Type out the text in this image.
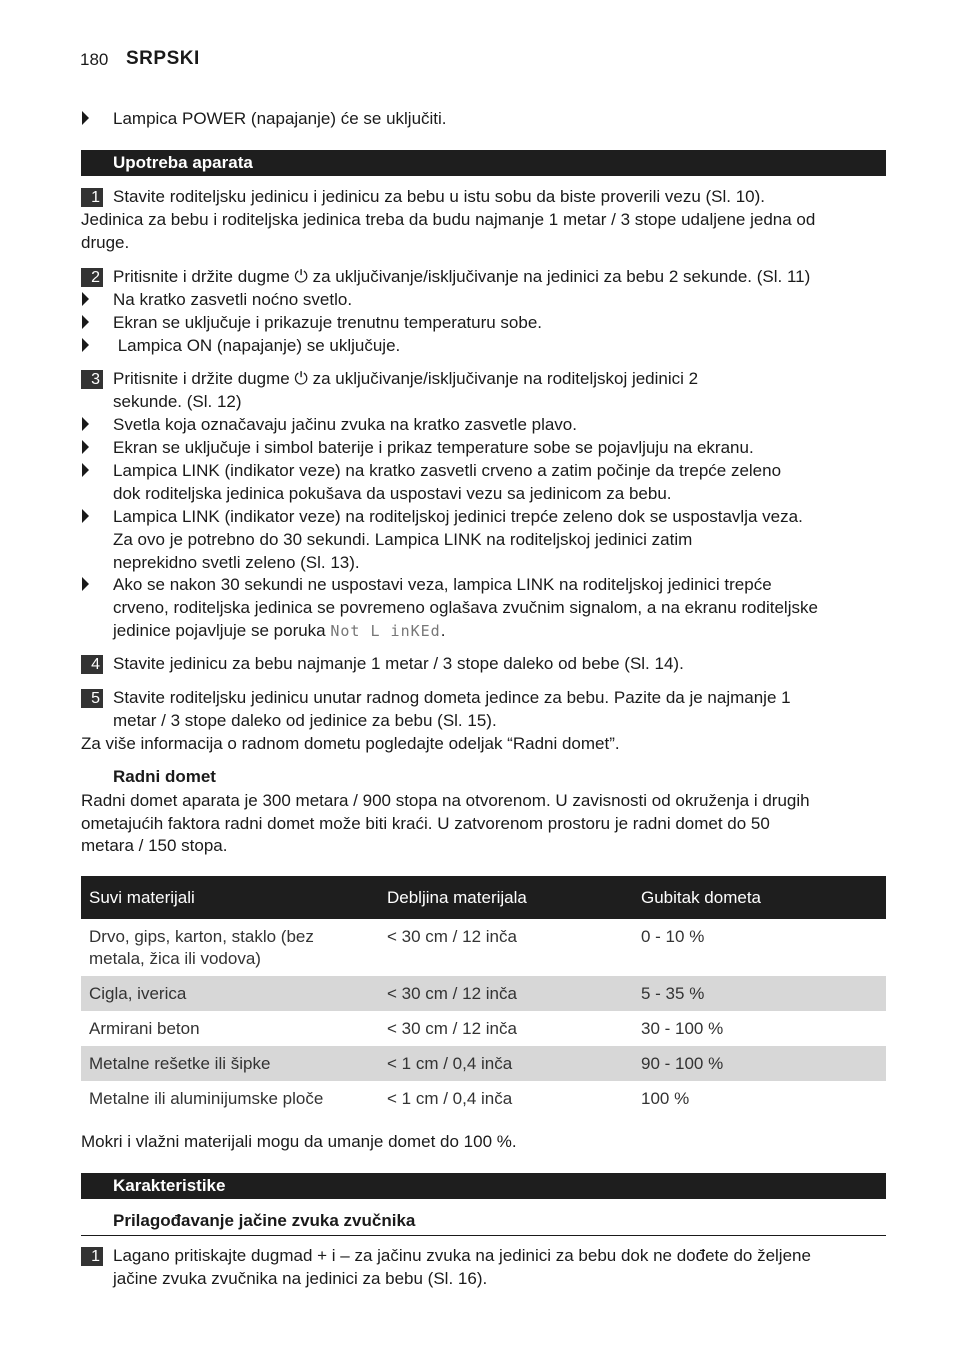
180 SRPSKI
Lampica POWER (napajanje) će se uključiti.
Upotreba aparata
1 Stavite roditeljsku jedinicu i jedinicu za bebu u istu sobu da biste proverili vezu (Sl. 10).
Jedinica za bebu i roditeljska jedinica treba da budu najmanje 1 metar / 3 stope udaljene jedna od
druge.
2 Pritisnite i držite dugme ⏻ za uključivanje/isključivanje na jedinici za bebu 2 sekunde. (Sl. 11)
Na kratko zasvetli noćno svetlo.
Ekran se uključuje i prikazuje trenutnu temperaturu sobe.
Lampica ON (napajanje) se uključuje.
3 Pritisnite i držite dugme ⏻ za uključivanje/isključivanje na roditeljskoj jedinici 2
sekunde. (Sl. 12)
Svetla koja označavaju jačinu zvuka na kratko zasvetle plavo.
Ekran se uključuje i simbol baterije i prikaz temperature sobe se pojavljuju na ekranu.
Lampica LINK (indikator veze) na kratko zasvetli crveno a zatim počinje da trepće zeleno
dok roditeljska jedinica pokušava da uspostavi vezu sa jedinicom za bebu.
Lampica LINK (indikator veze) na roditeljskoj jedinici trepće zeleno dok se uspostavlja veza.
Za ovo je potrebno do 30 sekundi. Lampica LINK na roditeljskoj jedinici zatim
neprekidno svetli zeleno (Sl. 13).
Ako se nakon 30 sekundi ne uspostavi veza, lampica LINK na roditeljskoj jedinici trepće
crveno, roditeljska jedinica se povremeno oglašava zvučnim signalom, a na ekranu roditeljske
jedinice pojavljuje se poruka Not L inKEd.
4 Stavite jedinicu za bebu najmanje 1 metar / 3 stope daleko od bebe (Sl. 14).
5 Stavite roditeljsku jedinicu unutar radnog dometa jedince za bebu. Pazite da je najmanje 1
metar / 3 stope daleko od jedinice za bebu (Sl. 15).
Za više informacija o radnom dometu pogledajte odeljak “Radni domet”.
Radni domet
Radni domet aparata je 300 metara / 900 stopa na otvorenom. U zavisnosti od okruženja i drugih
ometajućih faktora radni domet može biti kraći. U zatvorenom prostoru je radni domet do 50
metara / 150 stopa.
Suvi materijali	Debljina materijala	Gubitak dometa

Drvo, gips, karton, staklo (bez
metala, žica ili vodova)	< 30 cm / 12 inča	0 - 10 %
Cigla, iverica	< 30 cm / 12 inča	5 - 35 %
Armirani beton	< 30 cm / 12 inča	30 - 100 %
Metalne rešetke ili šipke	< 1 cm / 0,4 inča	90 - 100 %
Metalne ili aluminijumske ploče	< 1 cm / 0,4 inča	100 %
Mokri i vlažni materijali mogu da umanje domet do 100 %.
Karakteristike
Prilagođavanje jačine zvuka zvučnika
1 Lagano pritiskajte dugmad + i – za jačinu zvuka na jedinici za bebu dok ne dođete do željene
jačine zvuka zvučnika na jedinici za bebu (Sl. 16).
